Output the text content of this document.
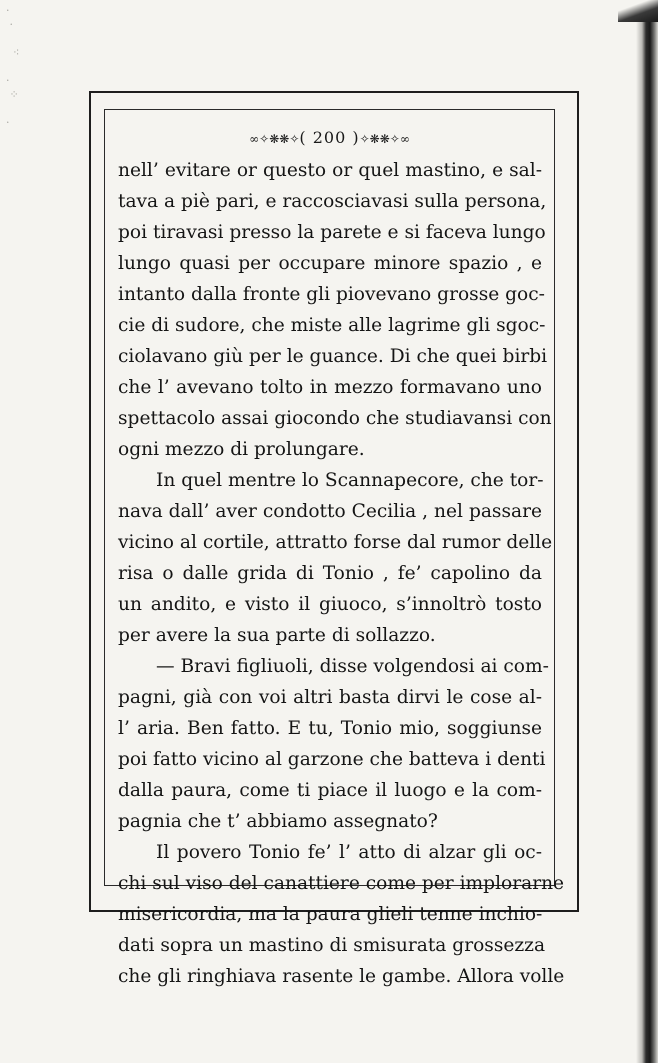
·
·

⁖

·
⁘

·
∞✧❋❋✧( 200 )✧❋❋✧∞
nell’ evitare or questo or quel mastino, e sal-
tava a piè pari, e raccosciavasi sulla persona,
poi tiravasi presso la parete e si faceva lungo
lungo quasi per occupare minore spazio , e
intanto dalla fronte gli piovevano grosse goc-
cie di sudore, che miste alle lagrime gli sgoc-
ciolavano giù per le guance. Di che quei birbi
che l’ avevano tolto in mezzo formavano uno
spettacolo assai giocondo che studiavansi con
ogni mezzo di prolungare.
In quel mentre lo Scannapecore, che tor-
nava dall’ aver condotto Cecilia , nel passare
vicino al cortile, attratto forse dal rumor delle
risa o dalle grida di Tonio , fe’ capolino da
un andito, e visto il giuoco, s’innoltrò tosto
per avere la sua parte di sollazzo.
— Bravi figliuoli, disse volgendosi ai com-
pagni, già con voi altri basta dirvi le cose al-
l’ aria. Ben fatto. E tu, Tonio mio, soggiunse
poi fatto vicino al garzone che batteva i denti
dalla paura, come ti piace il luogo e la com-
pagnia che t’ abbiamo assegnato?
Il povero Tonio fe’ l’ atto di alzar gli oc-
chi sul viso del canattiere come per implorarne
misericordia, ma la paura glieli tenne inchio-
dati sopra un mastino di smisurata grossezza
che gli ringhiava rasente le gambe. Allora volle
